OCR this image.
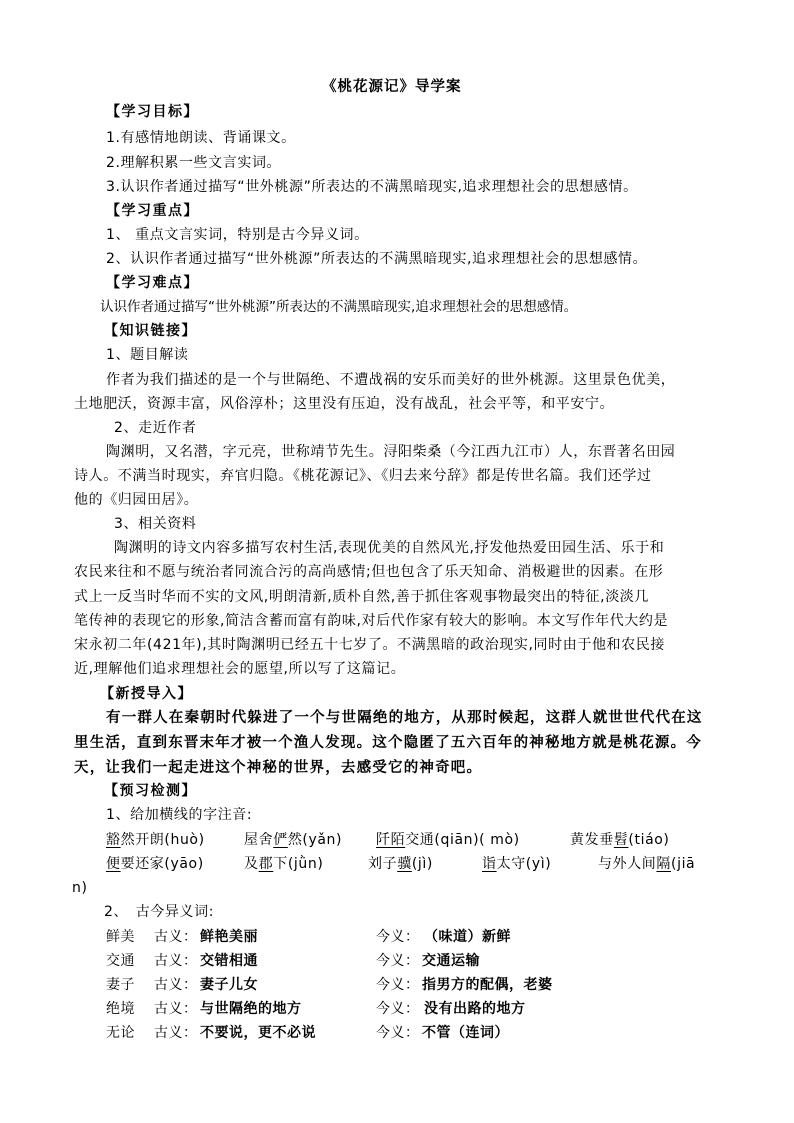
《桃花源记》导学案
【学习目标】
1.有感情地朗读、背诵课文。
2.理解积累一些文言实词。
3.认识作者通过描写“世外桃源”所表达的不满黑暗现实,追求理想社会的思想感情。
【学习重点】
1、 重点文言实词，特别是古今异义词。
2、认识作者通过描写“世外桃源”所表达的不满黑暗现实,追求理想社会的思想感情。
【学习难点】
认识作者通过描写“世外桃源”所表达的不满黑暗现实,追求理想社会的思想感情。
【知识链接】
1、题目解读
作者为我们描述的是一个与世隔绝、不遭战祸的安乐而美好的世外桃源。这里景色优美，
土地肥沃，资源丰富，风俗淳朴；这里没有压迫，没有战乱，社会平等，和平安宁。
2、走近作者
陶渊明，又名潜，字元亮，世称靖节先生。浔阳柴桑（今江西九江市）人，东晋著名田园
诗人。不满当时现实，弃官归隐。《桃花源记》、《归去来兮辞》都是传世名篇。我们还学过
他的《归园田居》。
3、相关资料
陶渊明的诗文内容多描写农村生活,表现优美的自然风光,抒发他热爱田园生活、乐于和
农民来往和不愿与统治者同流合污的高尚感情;但也包含了乐天知命、消极避世的因素。在形
式上一反当时华而不实的文风,明朗清新,质朴自然,善于抓住客观事物最突出的特征,淡淡几
笔传神的表现它的形象,简洁含蓄而富有韵味,对后代作家有较大的影响。本文写作年代大约是
宋永初二年(421年),其时陶渊明已经五十七岁了。不满黑暗的政治现实,同时由于他和农民接
近,理解他们追求理想社会的愿望,所以写了这篇记。
【新授导入】
有一群人在秦朝时代躲进了一个与世隔绝的地方，从那时候起，这群人就世世代代在这
里生活，直到东晋末年才被一个渔人发现。这个隐匿了五六百年的神秘地方就是桃花源。今
天，让我们一起走进这个神秘的世界，去感受它的神奇吧。
【预习检测】
1、给加横线的字注音:
豁然开朗(huò)	屋舍俨然(yǎn) 阡陌交通(qiān)( mò)	黄发垂髫(tiáo)
便要还家(yāo)	及郡下(jǜn)	刘子骥(jì)	诣太守(yì)	与外人间隔(jiā
n)
2、　古今异义词:
鲜美 古义： 鲜艳美丽	今义： （味道）新鲜
交通 古义： 交错相通	今义： 交通运输
妻子 古义： 妻子儿女	今义： 指男方的配偶，老婆
绝境 古义： 与世隔绝的地方	今义： 没有出路的地方
无论 古义： 不要说，更不必说	今义： 不管（连词）
